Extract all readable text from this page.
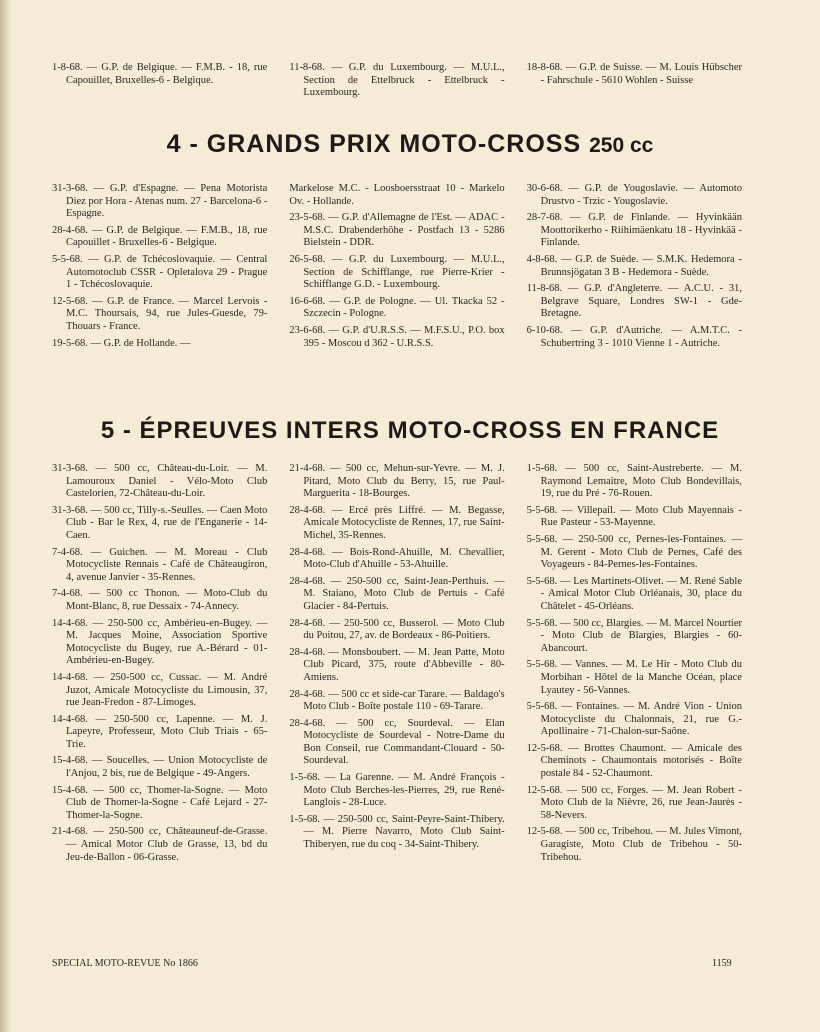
1-8-68. — G.P. de Belgique. — F.M.B. - 18, rue Capouillet, Bruxelles-6 - Belgique.

11-8-68. — G.P. du Luxembourg. — M.U.L., Section de Ettelbruck - Ettelbruck - Luxembourg.

18-8-68. — G.P. de Suisse. — M. Louis Hübscher - Fahrschule - 5610 Wohlen - Suisse

4 - GRANDS PRIX MOTO-CROSS 250 cc

31-3-68. — G.P. d'Espagne. — Pena Motorista Diez por Hora - Atenas num. 27 - Barcelona-6 - Espagne.

28-4-68. — G.P. de Belgique. — F.M.B., 18, rue Capouillet - Bruxelles-6 - Belgique.

5-5-68. — G.P. de Tchécoslovaquie. — Central Automotoclub CSSR - Opletalova 29 - Prague 1 - Tchécoslovaquie.

12-5-68. — G.P. de France. — Marcel Lervois - M.C. Thoursais, 94, rue Jules-Guesde, 79-Thouars - France.

19-5-68. — G.P. de Hollande. —

Markelose M.C. - Loosboersstraat 10 - Markelo Ov. - Hollande.

23-5-68. — G.P. d'Allemagne de l'Est. — ADAC - M.S.C. Drabenderhöhe - Postfach 13 - 5286 Bielstein - DDR.

26-5-68. — G.P. du Luxembourg. — M.U.L., Section de Schifflange, rue Pierre-Krier - Schifflange G.D. - Luxembourg.

16-6-68. — G.P. de Pologne. — Ul. Tkacka 52 - Szczecin - Pologne.

23-6-68. — G.P. d'U.R.S.S. — M.F.S.U., P.O. box 395 - Moscou d 362 - U.R.S.S.

30-6-68. — G.P. de Yougoslavie. — Automoto Drustvo - Trzic - Yougoslavie.

28-7-68. — G.P. de Finlande. — Hyvinkään Moottorikerho - Riihimäenkatu 18 - Hyvinkää - Finlande.

4-8-68. — G.P. de Suède. — S.M.K. Hedemora - Brunnsjögatan 3 B - Hedemora - Suède.

11-8-68. — G.P. d'Angleterre. — A.C.U. - 31, Belgrave Square, Londres SW-1 - Gde-Bretagne.

6-10-68. — G.P. d'Autriche. — A.M.T.C. - Schubertring 3 - 1010 Vienne 1 - Autriche.

5 - ÉPREUVES INTERS MOTO-CROSS EN FRANCE

31-3-68. — 500 cc, Château-du-Loir. — M. Lamouroux Daniel - Vélo-Moto Club Castelorien, 72-Château-du-Loir.

31-3-68. — 500 cc, Tilly-s.-Seulles. — Caen Moto Club - Bar le Rex, 4, rue de l'Enganerie - 14-Caen.

7-4-68. — Guichen. — M. Moreau - Club Motocycliste Rennais - Café de Châteaugiron, 4, avenue Janvier - 35-Rennes.

7-4-68. — 500 cc Thonon. — Moto-Club du Mont-Blanc, 8, rue Dessaix - 74-Annecy.

14-4-68. — 250-500 cc, Ambérieu-en-Bugey. — M. Jacques Moine, Association Sportive Motocycliste du Bugey, rue A.-Bérard - 01-Ambérieu-en-Bugey.

14-4-68. — 250-500 cc, Cussac. — M. André Juzot, Amicale Motocycliste du Limousin, 37, rue Jean-Fredon - 87-Limoges.

14-4-68. — 250-500 cc, Lapenne. — M. J. Lapeyre, Professeur, Moto Club Triais - 65-Trie.

15-4-68. — Soucelles. — Union Motocycliste de l'Anjou, 2 bis, rue de Belgique - 49-Angers.

15-4-68. — 500 cc, Thomer-la-Sogne. — Moto Club de Thomer-la-Sogne - Café Lejard - 27-Thomer-la-Sogne.

21-4-68. — 250-500 cc, Châteauneuf-de-Grasse. — Amical Motor Club de Grasse, 13, bd du Jeu-de-Ballon - 06-Grasse.

21-4-68. — 500 cc, Mehun-sur-Yevre. — M. J. Pitard, Moto Club du Berry, 15, rue Paul-Marguerita - 18-Bourges.

28-4-68. — Ercé près Liffré. — M. Begasse, Amicale Motocycliste de Rennes, 17, rue Saint-Michel, 35-Rennes.

28-4-68. — Bois-Rond-Ahuille, M. Chevallier, Moto-Club d'Ahuille - 53-Ahuille.

28-4-68. — 250-500 cc, Saint-Jean-Perthuis. — M. Staiano, Moto Club de Pertuis - Café Glacier - 84-Pertuis.

28-4-68. — 250-500 cc, Busserol. — Moto Club du Poitou, 27, av. de Bordeaux - 86-Poitiers.

28-4-68. — Monsboubert. — M. Jean Patte, Moto Club Picard, 375, route d'Abbeville - 80-Amiens.

28-4-68. — 500 cc et side-car Tarare. — Baldago's Moto Club - Boîte postale 110 - 69-Tarare.

28-4-68. — 500 cc, Sourdeval. — Elan Motocycliste de Sourdeval - Notre-Dame du Bon Conseil, rue Commandant-Clouard - 50-Sourdeval.

1-5-68. — La Garenne. — M. André François - Moto Club Berches-les-Pierres, 29, rue René-Langlois - 28-Luce.

1-5-68. — 250-500 cc, Saint-Peyre-Saint-Thibery. — M. Pierre Navarro, Moto Club Saint-Thiberyen, rue du coq - 34-Saint-Thibery.

1-5-68. — 500 cc, Saint-Austreberte. — M. Raymond Lemaitre, Moto Club Bondevillais, 19, rue du Pré - 76-Rouen.

5-5-68. — Villepail. — Moto Club Mayennais - Rue Pasteur - 53-Mayenne.

5-5-68. — 250-500 cc, Pernes-les-Fontaines. — M. Gerent - Moto Club de Pernes, Café des Voyageurs - 84-Pernes-les-Fontaines.

5-5-68. — Les Martinets-Olivet. — M. René Sable - Amical Motor Club Orléanais, 30, place du Châtelet - 45-Orléans.

5-5-68. — 500 cc, Blargies. — M. Marcel Nourtier - Moto Club de Blargies, Blargies - 60-Abancourt.

5-5-68. — Vannes. — M. Le Hir - Moto Club du Morbihan - Hôtel de la Manche Océan, place Lyautey - 56-Vannes.

5-5-68. — Fontaines. — M. André Vion - Union Motocycliste du Chalonnais, 21, rue G.-Apollinaire - 71-Chalon-sur-Saône.

12-5-68. — Brottes Chaumont. — Amicale des Cheminots - Chaumontais motorisés - Boîte postale 84 - 52-Chaumont.

12-5-68. — 500 cc, Forges. — M. Jean Robert - Moto Club de la Nièvre, 26, rue Jean-Jaurès - 58-Nevers.

12-5-68. — 500 cc, Tribehou. — M. Jules Vimont, Garagiste, Moto Club de Tribehou - 50-Tribehou.

SPECIAL MOTO-REVUE No 1866	1159
